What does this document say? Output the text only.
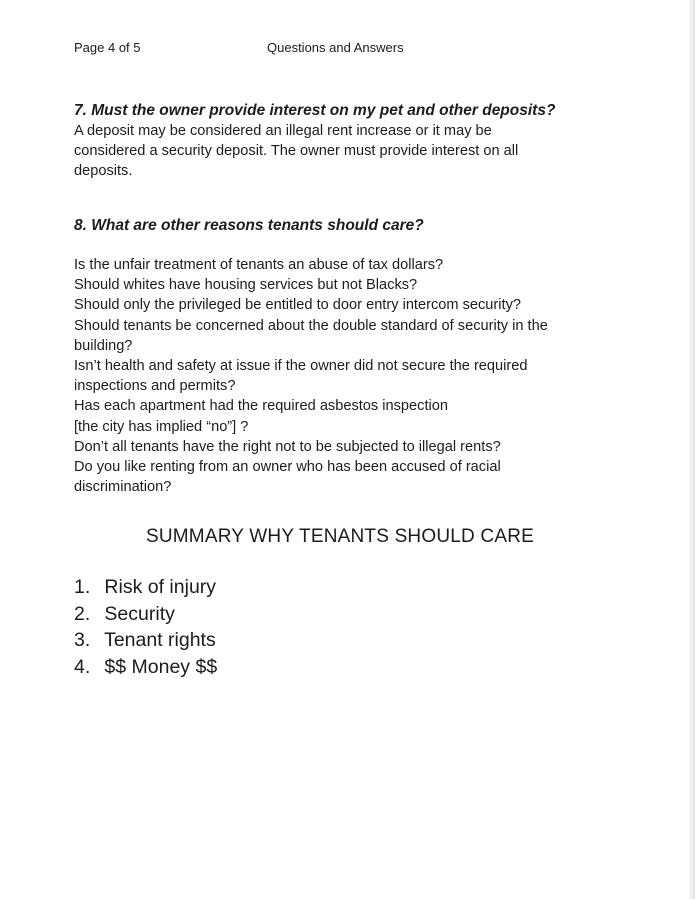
Page 4 of 5	Questions and Answers

7. Must the owner provide interest on my pet and other deposits?

A deposit may be considered an illegal rent increase or it may be
considered a security deposit. The owner must provide interest on all
deposits.

8. What are other reasons tenants should care?

Is the unfair treatment of tenants an abuse of tax dollars?
Should whites have housing services but not Blacks?
Should only the privileged be entitled to door entry intercom security?
Should tenants be concerned about the double standard of security in the
building?
Isn’t health and safety at issue if the owner did not secure the required
inspections and permits?
Has each apartment had the required asbestos inspection
[the city has implied “no”] ?
Don’t all tenants have the right not to be subjected to illegal rents?
Do you like renting from an owner who has been accused of racial
discrimination?
SUMMARY WHY TENANTS SHOULD CARE
1. Risk of injury
2. Security
3. Tenant rights
4. $$ Money $$
